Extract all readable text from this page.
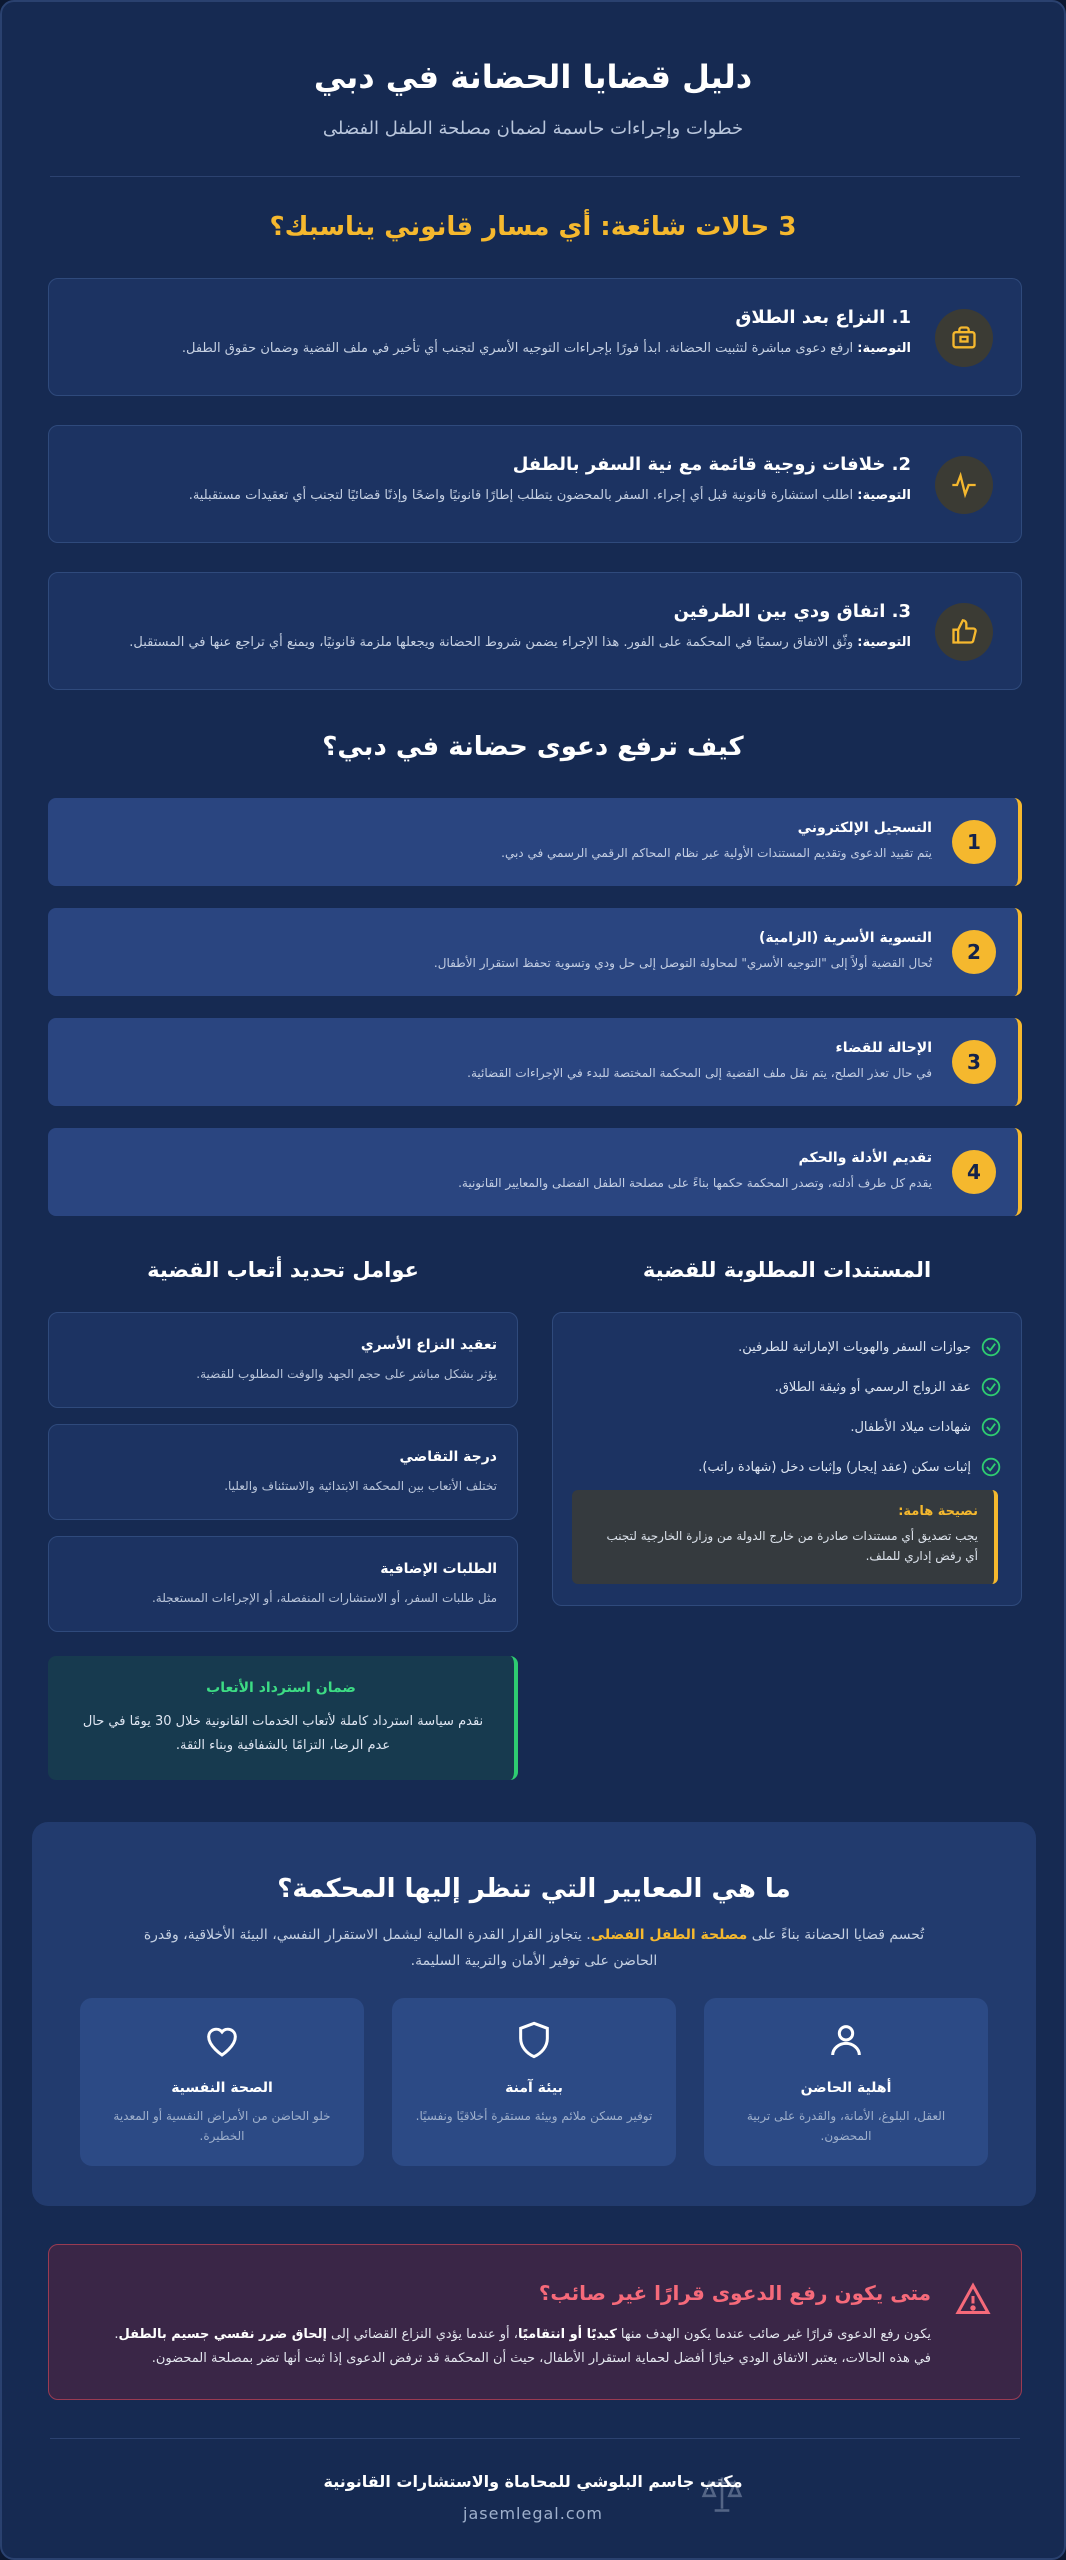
دليل قضايا الحضانة في دبي
خطوات وإجراءات حاسمة لضمان مصلحة الطفل الفضلى
3 حالات شائعة: أي مسار قانوني يناسبك؟
1. النزاع بعد الطلاق
التوصية: ارفع دعوى مباشرة لتثبيت الحضانة. ابدأ فورًا بإجراءات التوجيه الأسري لتجنب أي تأخير في ملف القضية وضمان حقوق الطفل.
2. خلافات زوجية قائمة مع نية السفر بالطفل
التوصية: اطلب استشارة قانونية قبل أي إجراء. السفر بالمحضون يتطلب إطارًا قانونيًا واضحًا وإذنًا قضائيًا لتجنب أي تعقيدات مستقبلية.
3. اتفاق ودي بين الطرفين
التوصية: وثّق الاتفاق رسميًا في المحكمة على الفور. هذا الإجراء يضمن شروط الحضانة ويجعلها ملزمة قانونيًا، ويمنع أي تراجع عنها في المستقبل.
كيف ترفع دعوى حضانة في دبي؟
1
التسجيل الإلكتروني
يتم تقييد الدعوى وتقديم المستندات الأولية عبر نظام المحاكم الرقمي الرسمي في دبي.
2
التسوية الأسرية (الزامية)
تُحال القضية أولاً إلى "التوجيه الأسري" لمحاولة التوصل إلى حل ودي وتسوية تحفظ استقرار الأطفال.
3
الإحالة للقضاء
في حال تعذر الصلح، يتم نقل ملف القضية إلى المحكمة المختصة للبدء في الإجراءات القضائية.
4
تقديم الأدلة والحكم
يقدم كل طرف أدلته، وتصدر المحكمة حكمها بناءً على مصلحة الطفل الفضلى والمعايير القانونية.
المستندات المطلوبة للقضية
جوازات السفر والهويات الإماراتية للطرفين.
عقد الزواج الرسمي أو وثيقة الطلاق.
شهادات ميلاد الأطفال.
إثبات سكن (عقد إيجار) وإثبات دخل (شهادة راتب).
نصيحة هامة:
يجب تصديق أي مستندات صادرة من خارج الدولة من وزارة الخارجية لتجنب أي رفض إداري للملف.
عوامل تحديد أتعاب القضية
تعقيد النزاع الأسري
يؤثر بشكل مباشر على حجم الجهد والوقت المطلوب للقضية.
درجة التقاضي
تختلف الأتعاب بين المحكمة الابتدائية والاستئناف والعليا.
الطلبات الإضافية
مثل طلبات السفر، أو الاستشارات المنفصلة، أو الإجراءات المستعجلة.
ضمان استرداد الأتعاب
نقدم سياسة استرداد كاملة لأتعاب الخدمات القانونية خلال 30 يومًا في حال عدم الرضا، التزامًا بالشفافية وبناء الثقة.
ما هي المعايير التي تنظر إليها المحكمة؟
تُحسم قضايا الحضانة بناءً على مصلحة الطفل الفضلى. يتجاوز القرار القدرة المالية ليشمل الاستقرار النفسي، البيئة الأخلاقية، وقدرة الحاضن على توفير الأمان والتربية السليمة.
أهلية الحاضن
العقل، البلوغ، الأمانة، والقدرة على تربية المحضون.
بيئة آمنة
توفير مسكن ملائم وبيئة مستقرة أخلاقيًا ونفسيًا.
الصحة النفسية
خلو الحاضن من الأمراض النفسية أو المعدية الخطيرة.
متى يكون رفع الدعوى قرارًا غير صائب؟
يكون رفع الدعوى قرارًا غير صائب عندما يكون الهدف منها كيديًا أو انتقاميًا، أو عندما يؤدي النزاع القضائي إلى إلحاق ضرر نفسي جسيم بالطفل. في هذه الحالات، يعتبر الاتفاق الودي خيارًا أفضل لحماية استقرار الأطفال، حيث أن المحكمة قد ترفض الدعوى إذا ثبت أنها تضر بمصلحة المحضون.
مكتب جاسم البلوشي للمحاماة والاستشارات القانونية
jasemlegal.com
